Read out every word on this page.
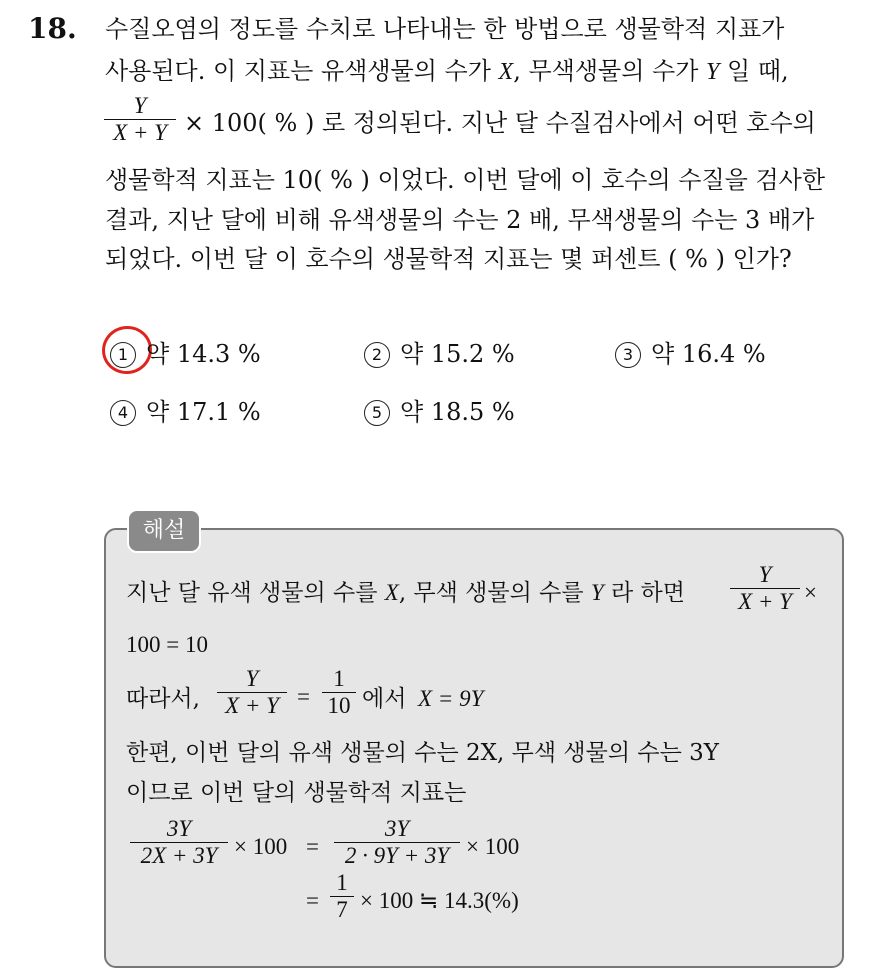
18. 수질오염의 정도를 수치로 나타내는 한 방법으로 생물학적 지표가
사용된다. 이 지표는 유색생물의 수가 X, 무색생물의 수가 Y 일 때,
Y
X + Y × 100( % ) 로 정의된다. 지난 달 수질검사에서 어떤 호수의
생물학적 지표는 10( % ) 이었다. 이번 달에 이 호수의 수질을 검사한
결과, 지난 달에 비해 유색생물의 수는 2 배, 무색생물의 수는 3 배가
되었다. 이번 달 이 호수의 생물학적 지표는 몇 퍼센트 ( % ) 인가?
1 약 14.3 %	2 약 15.2 %	3 약 16.4 %
4 약 17.1 %	5 약 18.5 %
해설
지난 달 유색 생물의 수를 X, 무색 생물의 수를 Y 라 하면
Y
X + Y ×
100 = 10
따라서,
Y
X + Y =
1
10 에서 X = 9Y
한편, 이번 달의 유색 생물의 수는 2X, 무색 생물의 수는 3Y
이므로 이번 달의 생물학적 지표는
3Y
2X + 3Y × 100 =
3Y
2 · 9Y + 3Y × 100
=
1
7 × 100 ≒ 14.3(%)
